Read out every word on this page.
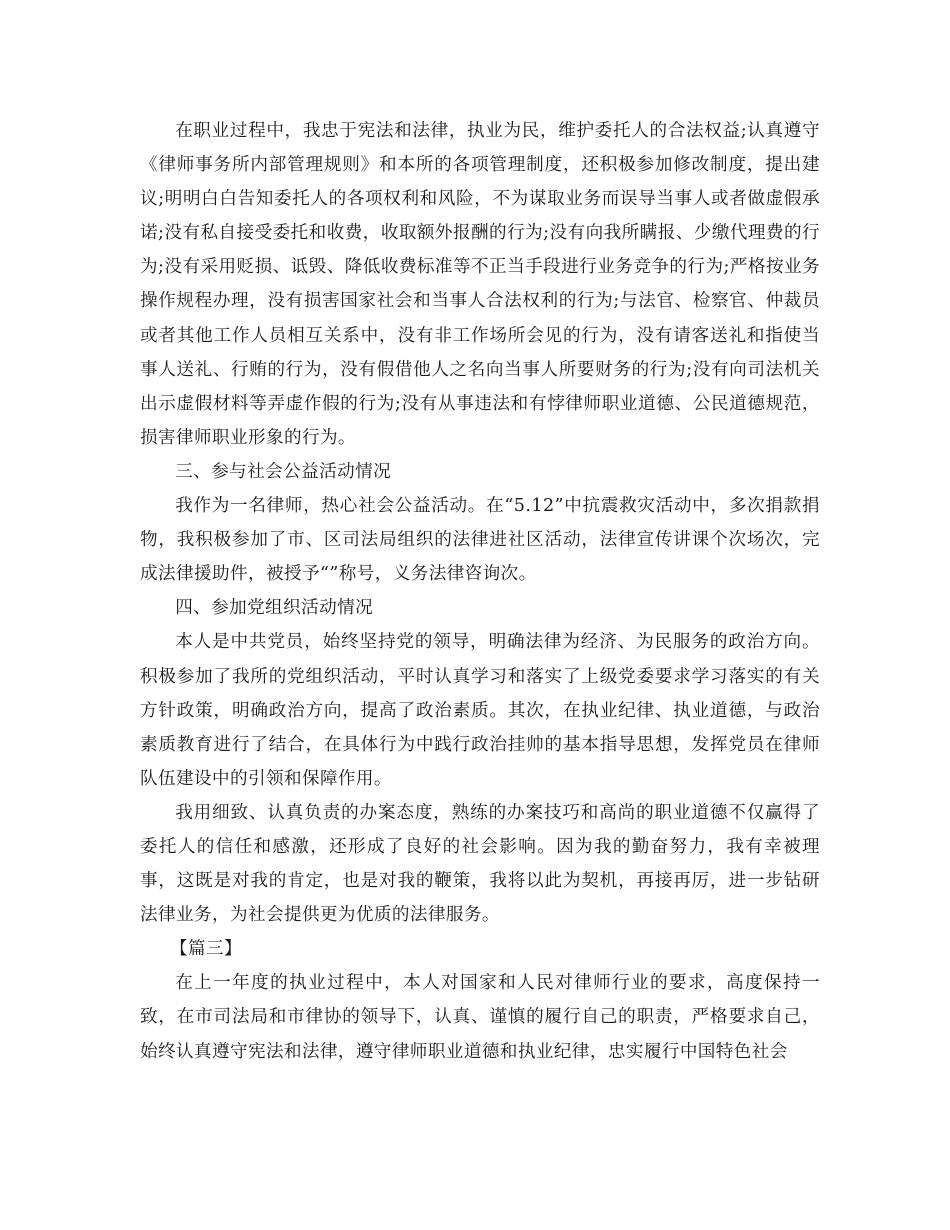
在职业过程中，我忠于宪法和法律，执业为民，维护委托人的合法权益;认真遵守《律师事务所内部管理规则》和本所的各项管理制度，还积极参加修改制度，提出建议;明明白白告知委托人的各项权利和风险，不为谋取业务而误导当事人或者做虚假承诺;没有私自接受委托和收费，收取额外报酬的行为;没有向我所瞒报、少缴代理费的行为;没有采用贬损、诋毁、降低收费标准等不正当手段进行业务竞争的行为;严格按业务操作规程办理，没有损害国家社会和当事人合法权利的行为;与法官、检察官、仲裁员或者其他工作人员相互关系中，没有非工作场所会见的行为，没有请客送礼和指使当事人送礼、行贿的行为，没有假借他人之名向当事人所要财务的行为;没有向司法机关出示虚假材料等弄虚作假的行为;没有从事违法和有悖律师职业道德、公民道德规范，损害律师职业形象的行为。

三、参与社会公益活动情况

我作为一名律师，热心社会公益活动。在“5.12”中抗震救灾活动中，多次捐款捐物，我积极参加了市、区司法局组织的法律进社区活动，法律宣传讲课个次场次，完成法律援助件，被授予“”称号，义务法律咨询次。

四、参加党组织活动情况

本人是中共党员，始终坚持党的领导，明确法律为经济、为民服务的政治方向。积极参加了我所的党组织活动，平时认真学习和落实了上级党委要求学习落实的有关方针政策，明确政治方向，提高了政治素质。其次，在执业纪律、执业道德，与政治素质教育进行了结合，在具体行为中践行政治挂帅的基本指导思想，发挥党员在律师队伍建设中的引领和保障作用。

我用细致、认真负责的办案态度，熟练的办案技巧和高尚的职业道德不仅赢得了委托人的信任和感激，还形成了良好的社会影响。因为我的勤奋努力，我有幸被理事，这既是对我的肯定，也是对我的鞭策，我将以此为契机，再接再厉，进一步钻研法律业务，为社会提供更为优质的法律服务。

【篇三】

在上一年度的执业过程中，本人对国家和人民对律师行业的要求，高度保持一致，在市司法局和市律协的领导下，认真、谨慎的履行自己的职责，严格要求自己，始终认真遵守宪法和法律，遵守律师职业道德和执业纪律，忠实履行中国特色社会
